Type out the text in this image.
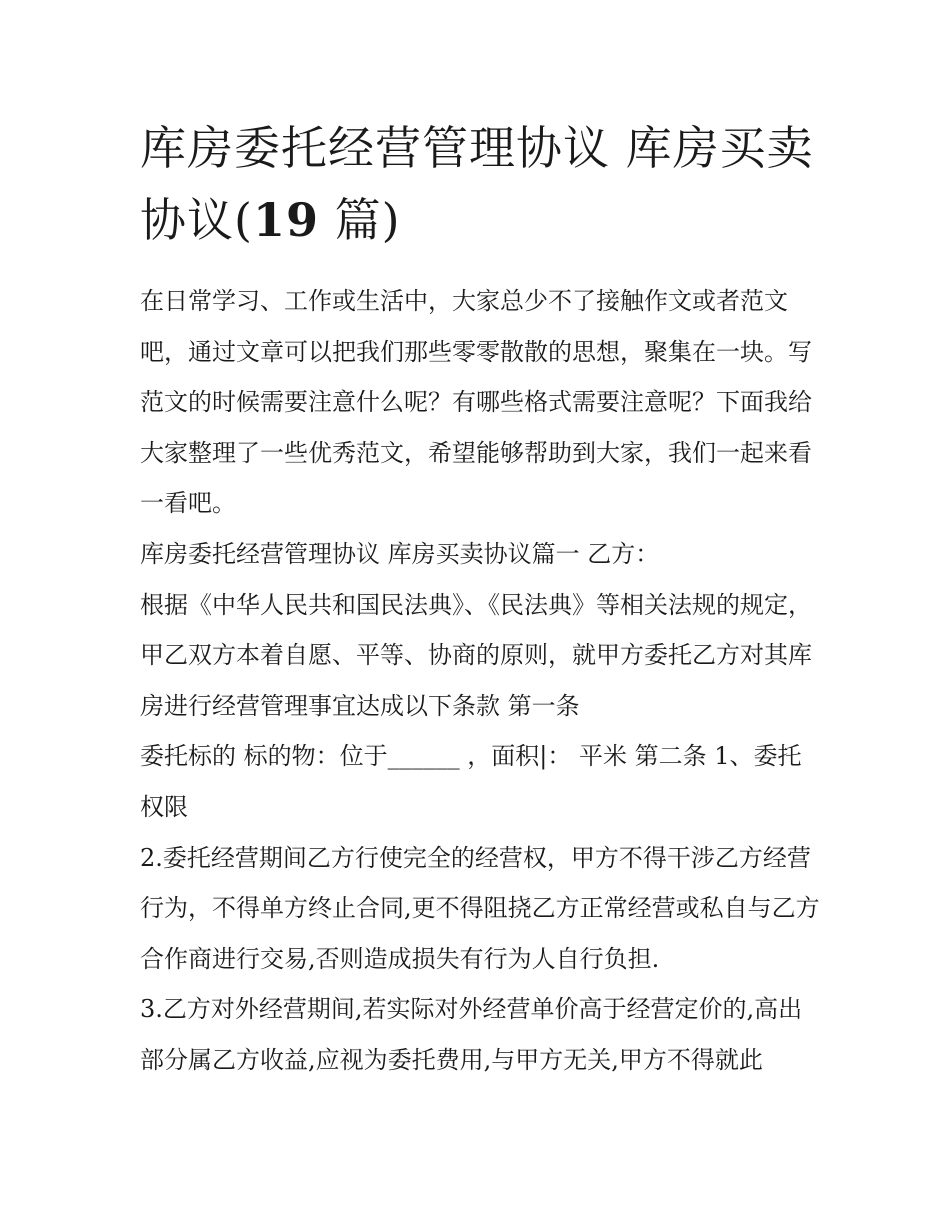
库房委托经营管理协议 库房买卖协议(19 篇)

在日常学习、工作或生活中，大家总少不了接触作文或者范文吧，通过文章可以把我们那些零零散散的思想，聚集在一块。写范文的时候需要注意什么呢？有哪些格式需要注意呢？下面我给大家整理了一些优秀范文，希望能够帮助到大家，我们一起来看一看吧。

库房委托经营管理协议 库房买卖协议篇一 乙方：

根据《中华人民共和国民法典》、《民法典》等相关法规的规定，甲乙双方本着自愿、平等、协商的原则，就甲方委托乙方对其库房进行经营管理事宜达成以下条款 第一条

委托标的 标的物：位于______ ，面积|： 平米 第二条 1、委托权限

2.委托经营期间乙方行使完全的经营权，甲方不得干涉乙方经营行为，不得单方终止合同,更不得阻挠乙方正常经营或私自与乙方合作商进行交易,否则造成损失有行为人自行负担.

3.乙方对外经营期间,若实际对外经营单价高于经营定价的,高出部分属乙方收益,应视为委托费用,与甲方无关,甲方不得就此
